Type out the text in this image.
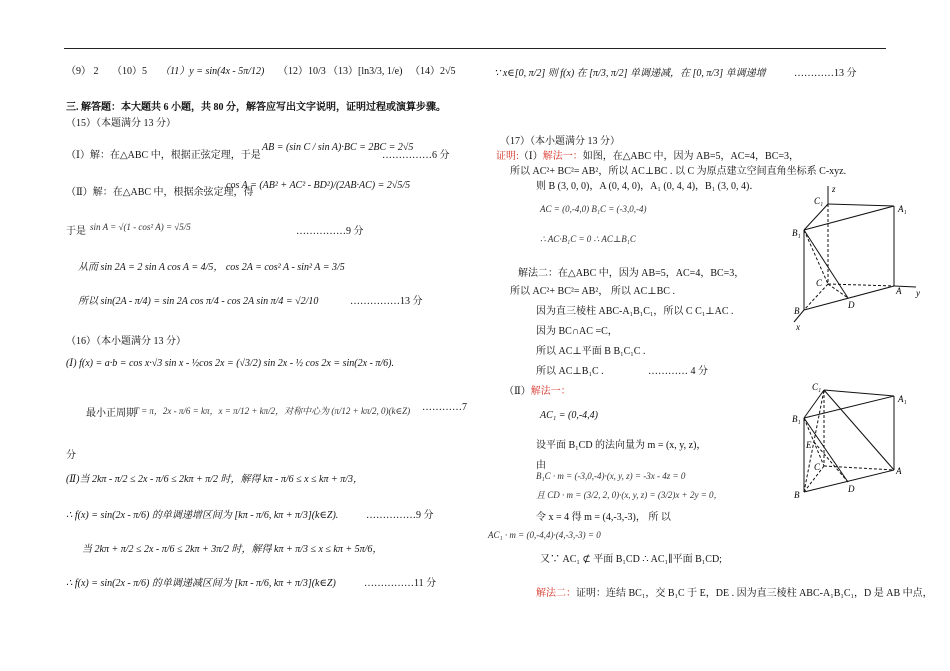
（9） 2 （10）5 （11）y = sin(4x - 5π/12) （12）10/3 （13）[ln3/3, 1/e) （14）2√5
三. 解答题：本大题共 6 小题，共 80 分，解答应写出文字说明，证明过程或演算步骤。
（15）（本题满分 13 分）
（Ⅰ）解：在△ABC 中，根据正弦定理，于是
AB = (sin C / sin A)·BC = 2BC = 2√5
……………6 分
（Ⅱ）解：在△ABC 中，根据余弦定理，得
cos A = (AB² + AC² - BD²)/(2AB·AC) = 2√5/5
于是 sin A = √(1 - cos² A) = √5/5	……………9 分
从而 sin 2A = 2 sin A cos A = 4/5， cos 2A = cos² A - sin² A = 3/5
所以 sin(2A - π/4) = sin 2A cos π/4 - cos 2A sin π/4 = √2/10	……………13 分
（16）（本小题满分 13 分）
(Ⅰ) f(x) = a·b = cos x·√3 sin x - ½cos 2x = (√3/2) sin 2x - ½ cos 2x = sin(2x - π/6).
最小正周期
T = π，2x - π/6 = kπ，x = π/12 + kπ/2，对称中心为 (π/12 + kπ/2, 0)(k∈Z) …………7
分
(Ⅱ)当 2kπ - π/2 ≤ 2x - π/6 ≤ 2kπ + π/2 时，解得 kπ - π/6 ≤ x ≤ kπ + π/3，
∴ f(x) = sin(2x - π/6) 的单调递增区间为 [kπ - π/6, kπ + π/3](k∈Z).	……………9 分
当 2kπ + π/2 ≤ 2x - π/6 ≤ 2kπ + 3π/2 时，解得 kπ + π/3 ≤ x ≤ kπ + 5π/6，
∴ f(x) = sin(2x - π/6) 的单调递减区间为 [kπ - π/6, kπ + π/3](k∈Z)	……………11 分
∵ x∈[0, π/2] 则 f(x) 在 [π/3, π/2] 单调递减，在 [0, π/3] 单调递增	…………13 分
（17）（本小题满分 13 分）
证明:（Ⅰ）解法一：如图，在△ABC 中，因为 AB=5，AC=4，BC=3，
所以 AC²+ BC²= AB²，所以 AC⊥BC . 以 C 为原点建立空间直角坐标系 C-xyz.
则 B (3, 0, 0)，A (0, 4, 0)，A₁ (0, 4, 4)，B₁ (3, 0, 4)．
AC = (0,-4,0) B₁C = (-3,0,-4)
∴ AC·B₁C = 0 ∴ AC⊥B₁C
解法二：在△ABC 中，因为 AB=5，AC=4，BC=3，
所以 AC²+ BC²= AB²， 所以 AC⊥BC .
因为直三棱柱 ABC-A₁B₁C₁，所以 C C₁⊥AC .
因为 BC∩AC =C，
所以 AC⊥平面 B B₁C₁C .
所以 AC⊥B₁C .	………… 4 分
（Ⅱ）解法一：
AC₁ = (0,-4,4)
设平面 B₁CD 的法向量为 m = (x, y, z)，
由
B₁C · m = (-3,0,-4)·(x, y, z) = -3x - 4z = 0
且 CD · m = (3/2, 2, 0)·(x, y, z) = (3/2)x + 2y = 0，
令 x = 4 得 m = (4,-3,-3)， 所 以
AC₁ · m = (0,-4,4)·(4,-3,-3) = 0
又∵ AC₁ ⊄ 平面 B₁CD ∴ AC₁∥平面 B₁CD;
解法二：证明：连结 BC₁，交 B₁C 于 E，DE . 因为直三棱柱 ABC-A₁B₁C₁，D 是 AB 中点，
C₁
A₁
B₁
C
A
D
B
z
y
x
C₁
A₁
B₁
E
C	A
D
B
